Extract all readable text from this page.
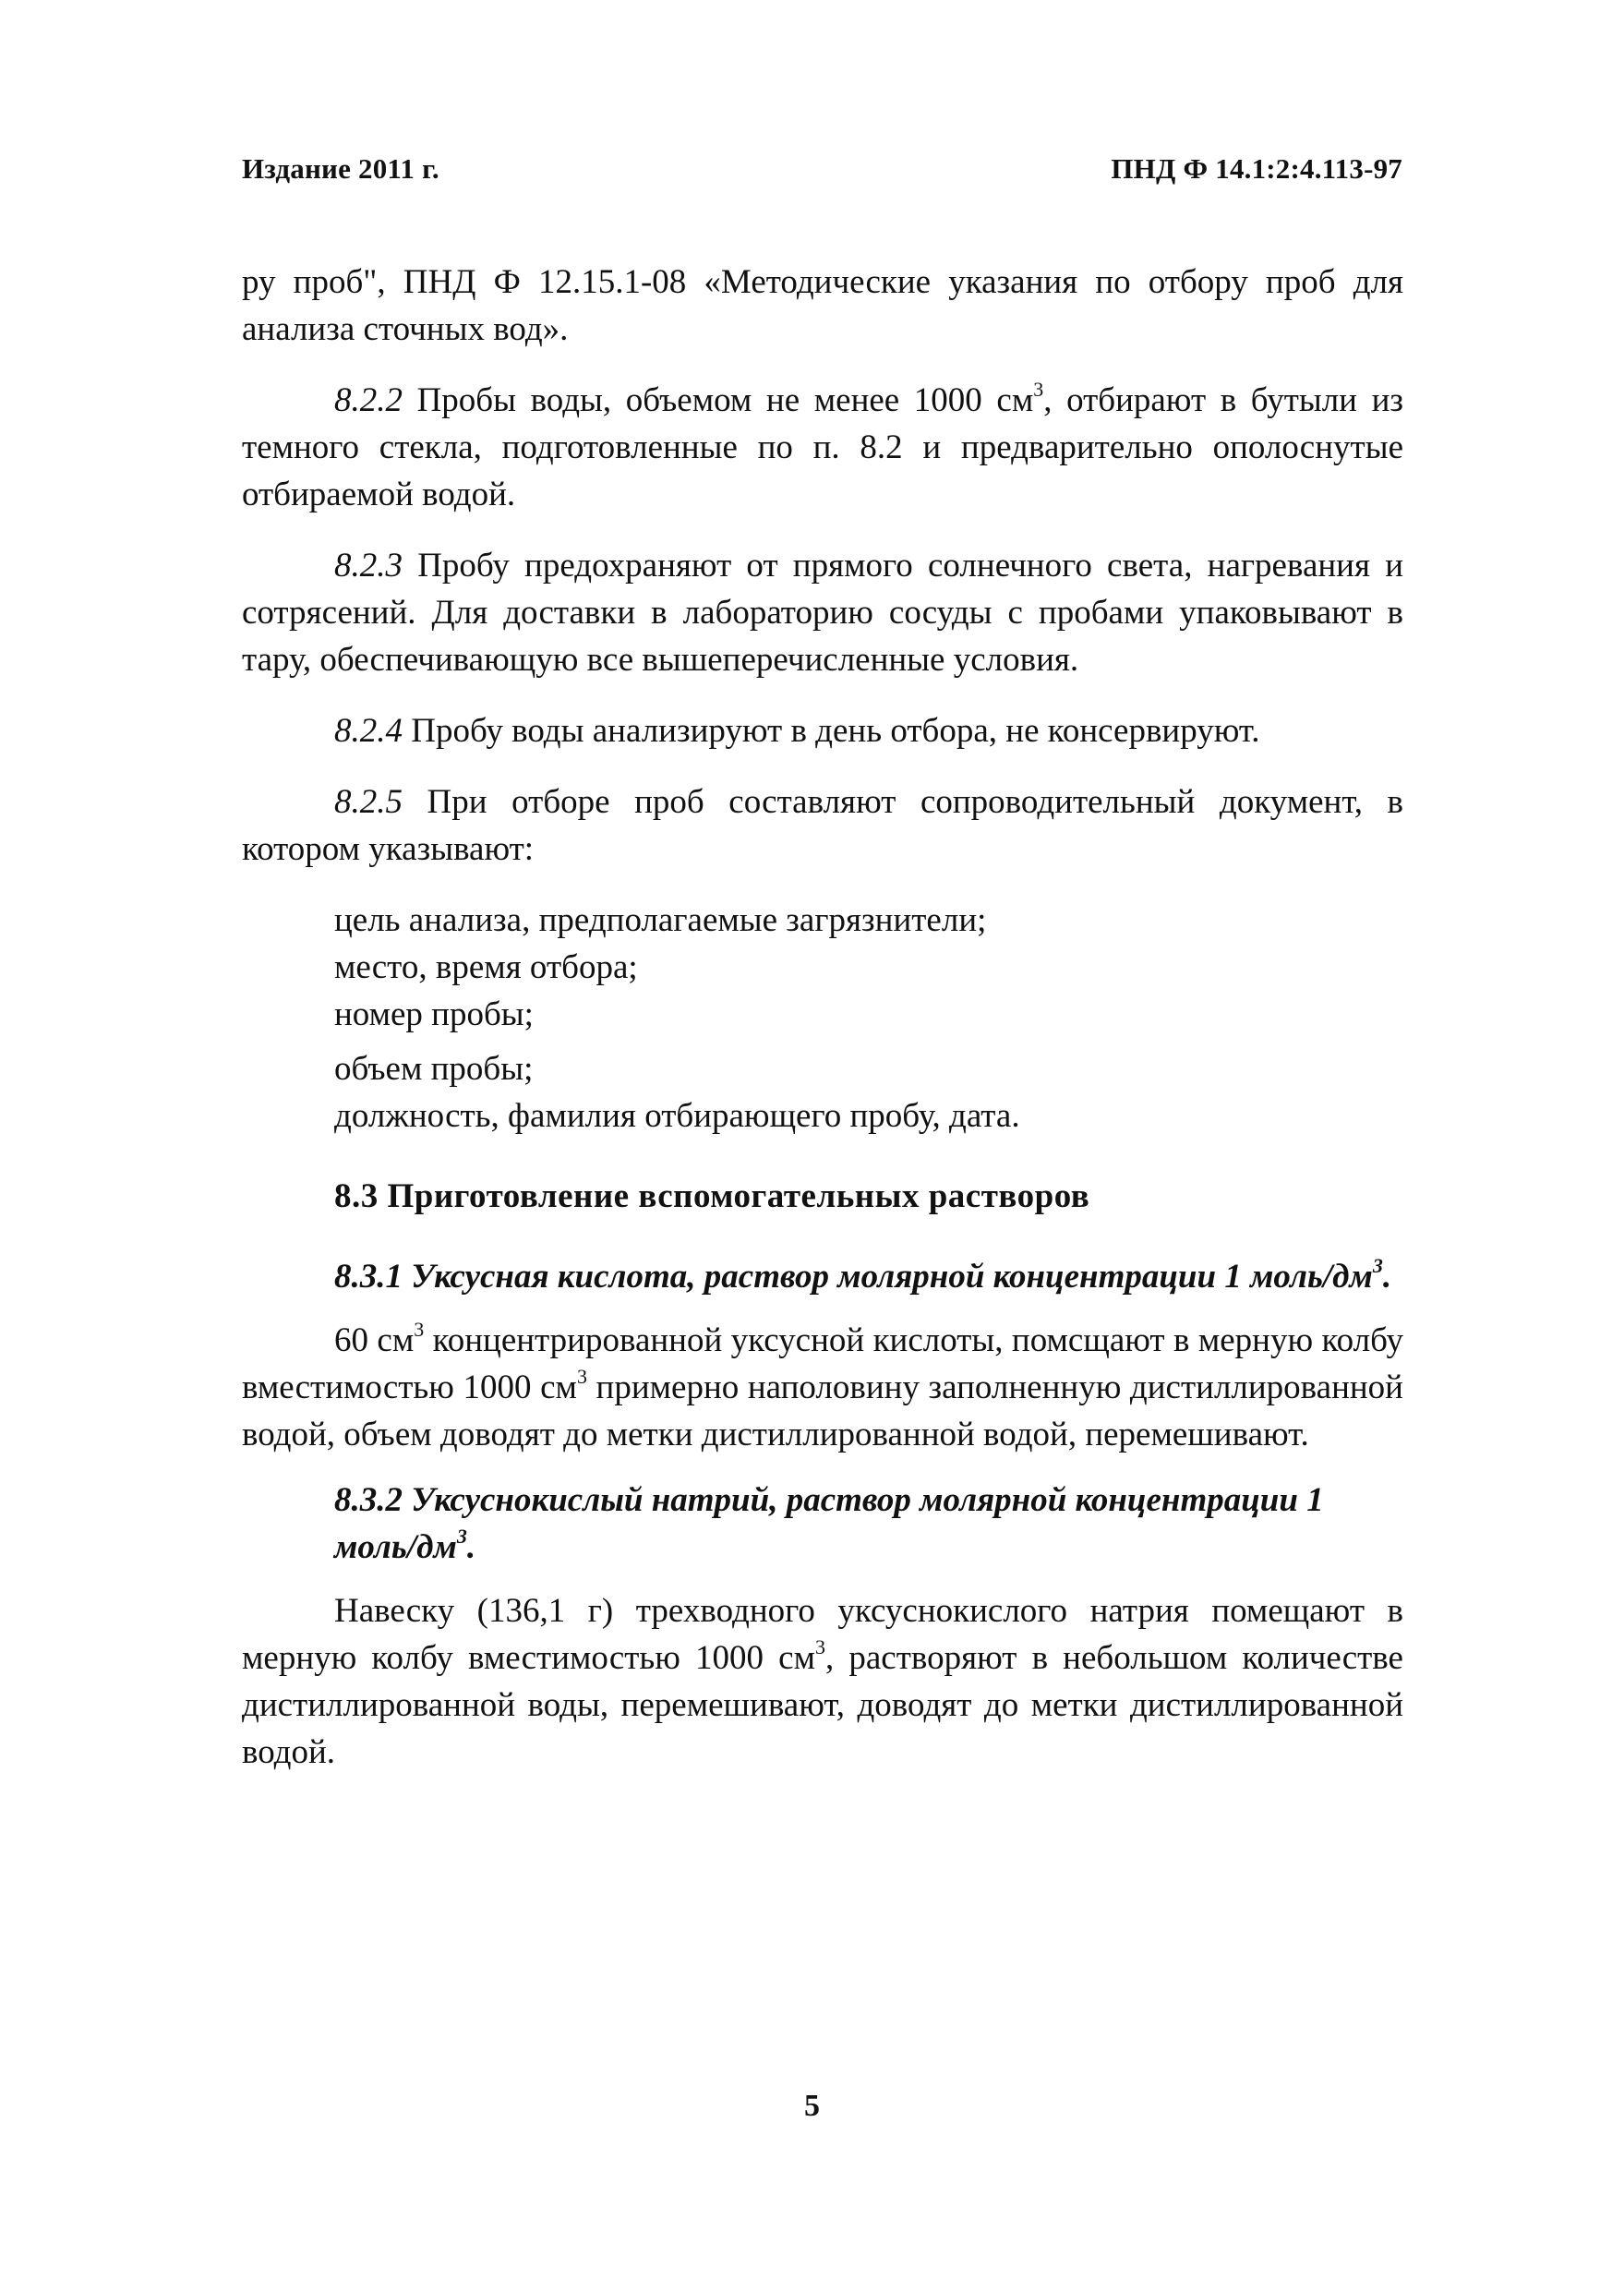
Издание 2011 г.	ПНД Ф 14.1:2:4.113-97

ру проб", ПНД Ф 12.15.1-08 «Методические указания по отбору проб для анализа сточных вод».

8.2.2 Пробы воды, объемом не менее 1000 $см^3$, отбирают в бутыли из темного стекла, подготовленные по п. 8.2 и предварительно ополоснутые отбираемой водой.

8.2.3 Пробу предохраняют от прямого солнечного света, нагревания и сотрясений. Для доставки в лабораторию сосуды с пробами упаковывают в тару, обеспечивающую все вышеперечисленные условия.

8.2.4 Пробу воды анализируют в день отбора, не консервируют.

8.2.5 При отборе проб составляют сопроводительный документ, в котором указывают:

цель анализа, предполагаемые загрязнители;
место, время отбора;
номер пробы;
объем пробы;
должность, фамилия отбирающего пробу, дата.

8.3 Приготовление вспомогательных растворов

8.3.1 Уксусная кислота, раствор молярной концентрации 1 моль/$дм^3$.

60 $см^3$ концентрированной уксусной кислоты, помсщают в мерную колбу вместимостью 1000 $см^3$ примерно наполовину заполненную дистиллированной водой, объем доводят до метки дистиллированной водой, перемешивают.

8.3.2 Уксуснокислый натрий, раствор молярной концентрации 1 моль/$дм^3$.

Навеску (136,1 г) трехводного уксуснокислого натрия помещают в мерную колбу вместимостью 1000 $см^3$, растворяют в небольшом количестве дистиллированной воды, перемешивают, доводят до метки дистиллированной водой.

5
